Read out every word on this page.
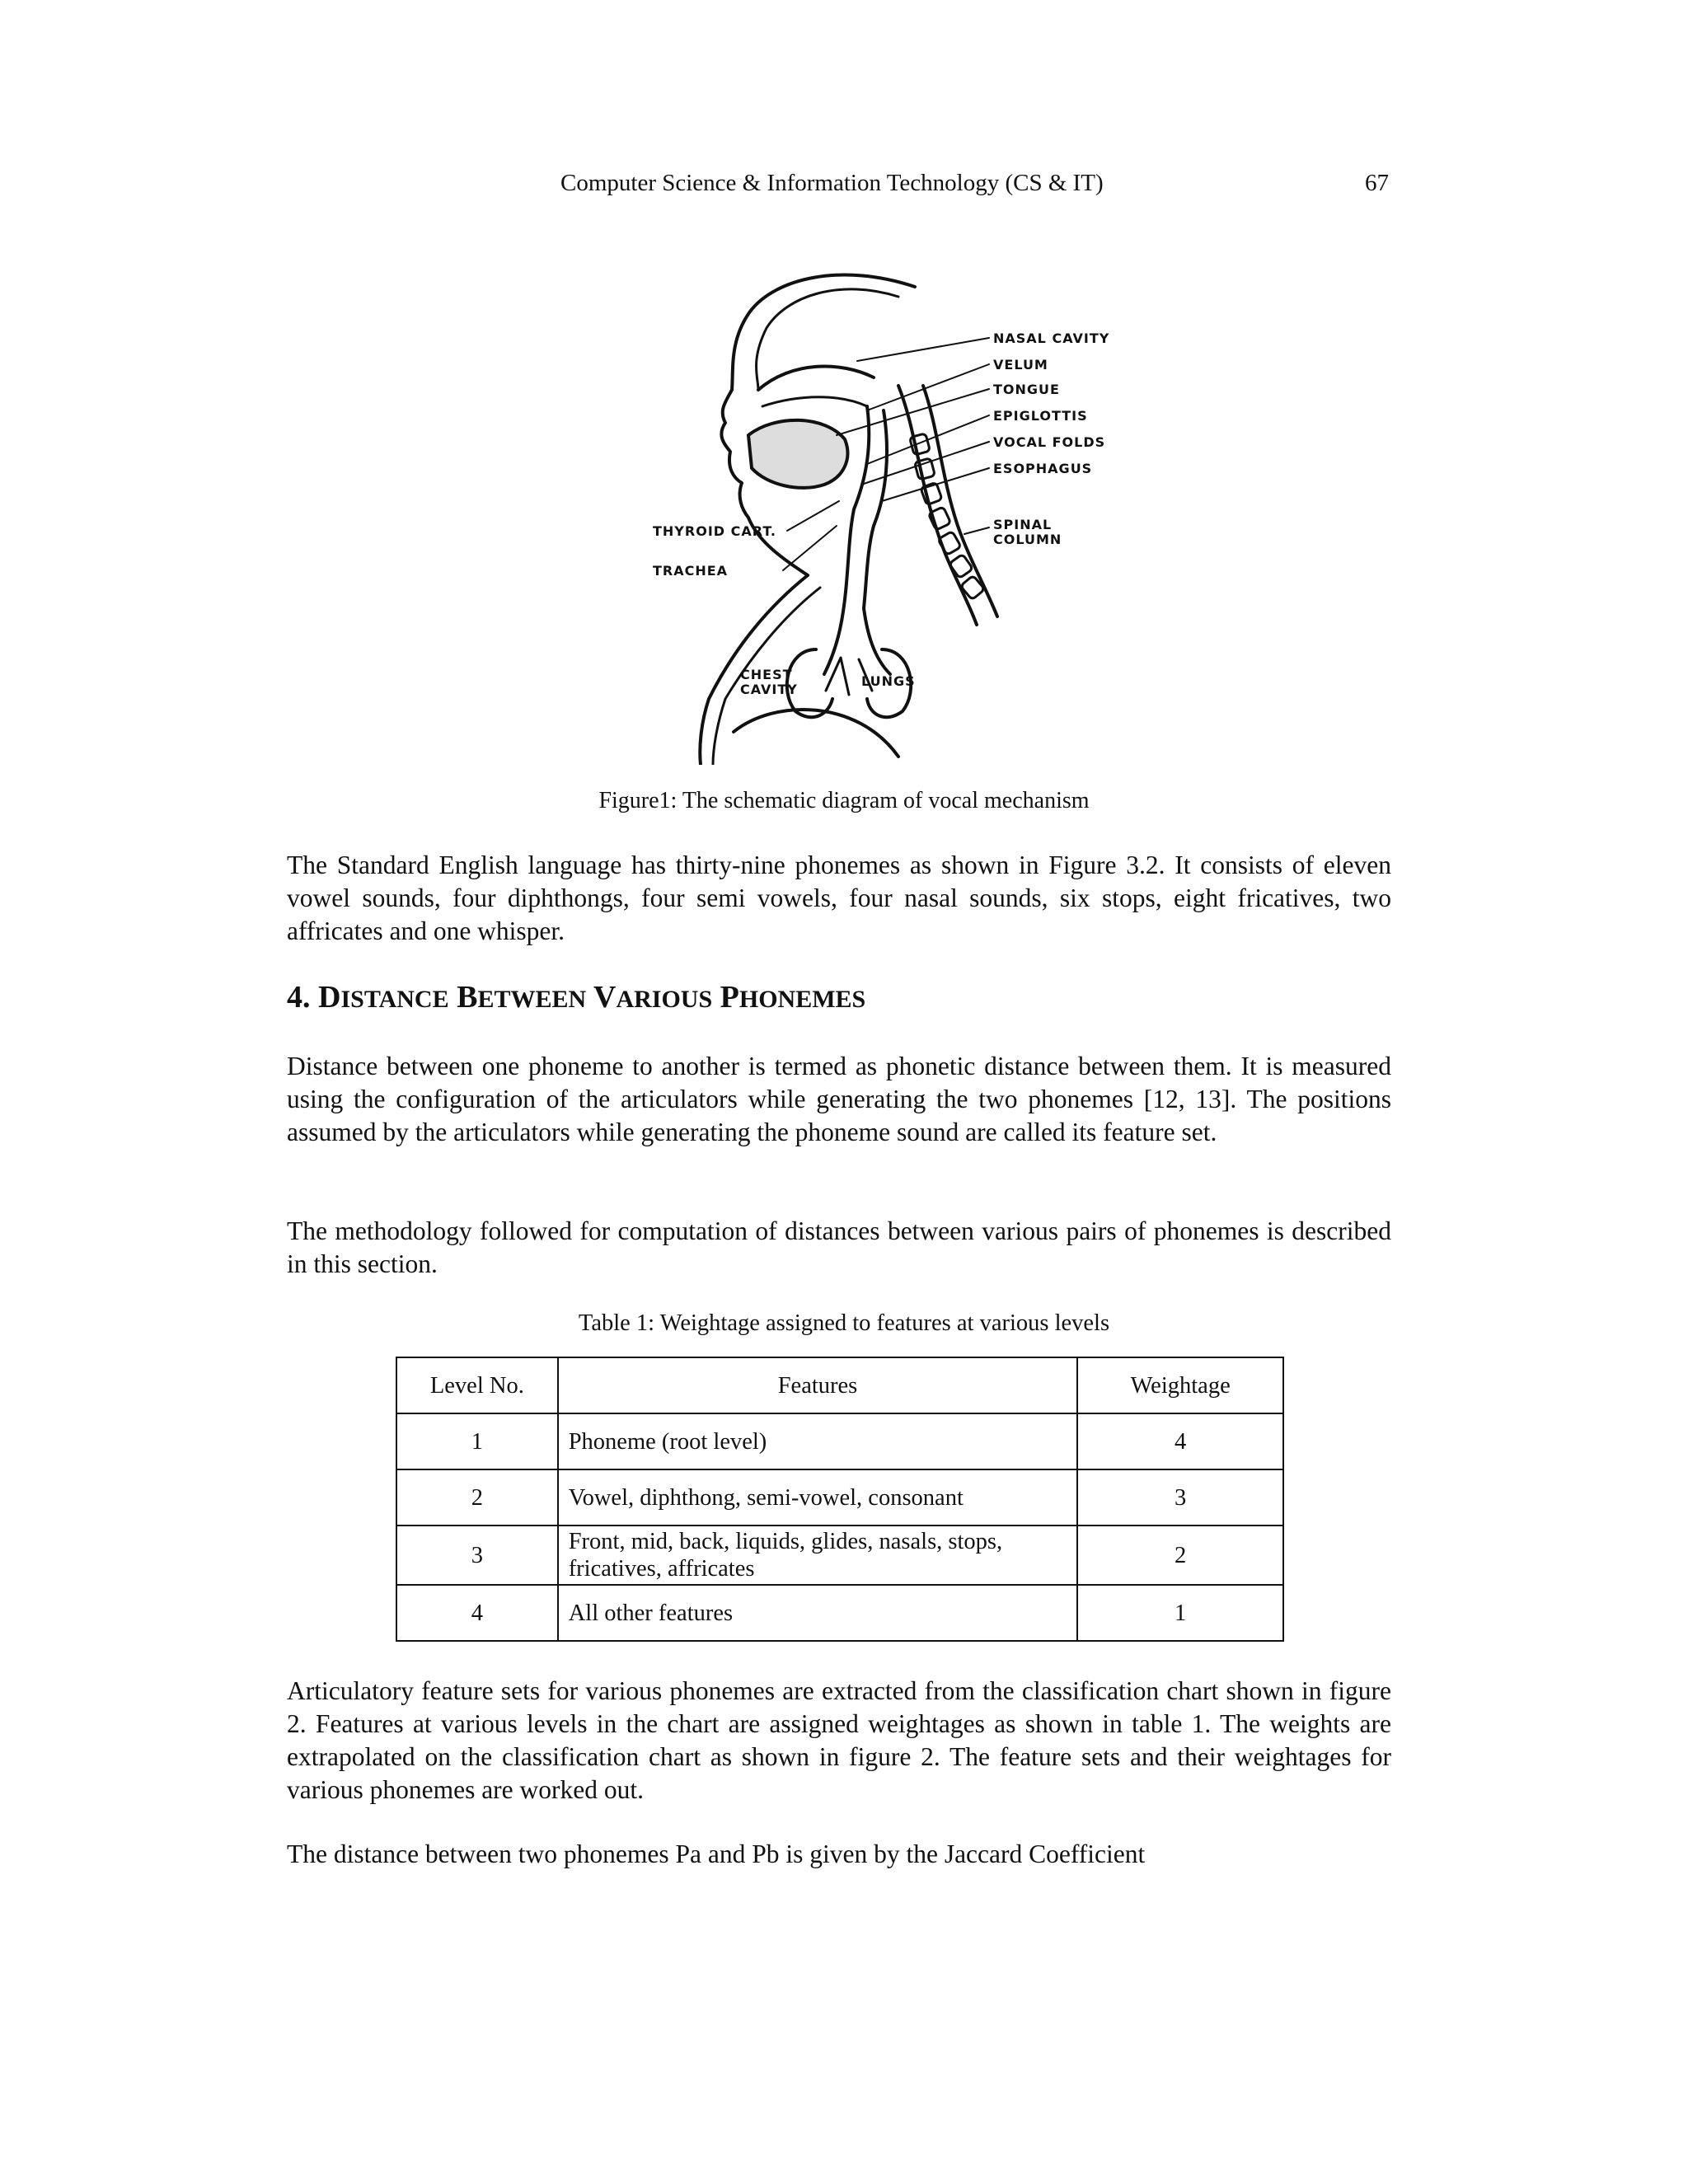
Computer Science & Information Technology (CS & IT)	67
NASAL CAVITY
VELUM
TONGUE
EPIGLOTTIS
VOCAL FOLDS
ESOPHAGUS
SPINAL
COLUMN
THYROID CART.
TRACHEA
CHEST
CAVITY
LUNGS
Figure1: The schematic diagram of vocal mechanism

The Standard English language has thirty-nine phonemes as shown in Figure 3.2. It consists of eleven vowel sounds, four diphthongs, four semi vowels, four nasal sounds, six stops, eight fricatives, two affricates and one whisper.

4. DISTANCE BETWEEN VARIOUS PHONEMES

Distance between one phoneme to another is termed as phonetic distance between them. It is measured using the configuration of the articulators while generating the two phonemes [12, 13]. The positions assumed by the articulators while generating the phoneme sound are called its feature set.

The methodology followed for computation of distances between various pairs of phonemes is described in this section.

Table 1: Weightage assigned to features at various levels
Level No.	Features	Weightage
1	Phoneme (root level)	4
2	Vowel, diphthong, semi-vowel, consonant	3
3	Front, mid, back, liquids, glides, nasals, stops, fricatives, affricates	2
4	All other features	1

Articulatory feature sets for various phonemes are extracted from the classification chart shown in figure 2. Features at various levels in the chart are assigned weightages as shown in table 1. The weights are extrapolated on the classification chart as shown in figure 2. The feature sets and their weightages for various phonemes are worked out.

The distance between two phonemes Pa and Pb is given by the Jaccard Coefficient
